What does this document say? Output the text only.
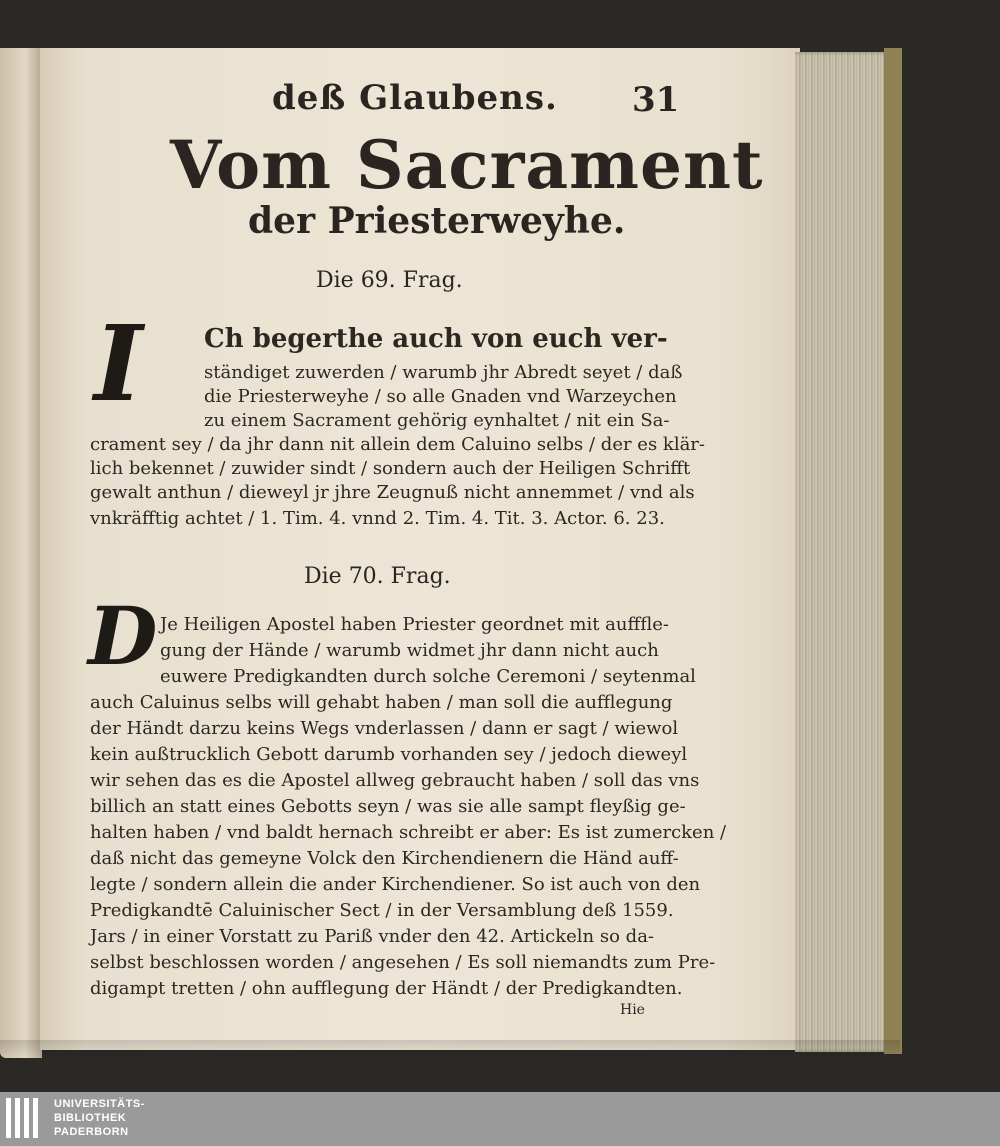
deß Glaubens. 31
Vom Sacrament
der Priesterweyhe.
Die 69. Frag.
I Ch begerthe auch von euch ver-
ständiget zuwerden / warumb jhr Abredt seyet / daß
die Priesterweyhe / so alle Gnaden vnd Warzeychen
zu einem Sacrament gehörig eynhaltet / nit ein Sa-
crament sey / da jhr dann nit allein dem Caluino selbs / der es klär-
lich bekennet / zuwider sindt / sondern auch der Heiligen Schrifft
gewalt anthun / dieweyl jr jhre Zeugnuß nicht annemmet / vnd als
vnkräfftig achtet / 1. Tim. 4. vnnd 2. Tim. 4. Tit. 3. Actor. 6. 23.
Die 70. Frag.
D Je Heiligen Apostel haben Priester geordnet mit aufffle-
gung der Hände / warumb widmet jhr dann nicht auch
euwere Predigkandten durch solche Ceremoni / seytenmal
auch Caluinus selbs will gehabt haben / man soll die aufflegung
der Händt darzu keins Wegs vnderlassen / dann er sagt / wiewol
kein außtrucklich Gebott darumb vorhanden sey / jedoch dieweyl
wir sehen das es die Apostel allweg gebraucht haben / soll das vns
billich an statt eines Gebotts seyn / was sie alle sampt fleyßig ge-
halten haben / vnd baldt hernach schreibt er aber: Es ist zumercken /
daß nicht das gemeyne Volck den Kirchendienern die Händ auff-
legte / sondern allein die ander Kirchendiener. So ist auch von den
Predigkandtē Caluinischer Sect / in der Versamblung deß 1559.
Jars / in einer Vorstatt zu Pariß vnder den 42. Artickeln so da-
selbst beschlossen worden / angesehen / Es soll niemandts zum Pre-
digampt tretten / ohn aufflegung der Händt / der Predigkandten.
Hie
UNIVERSITÄTS-
BIBLIOTHEK
PADERBORN
